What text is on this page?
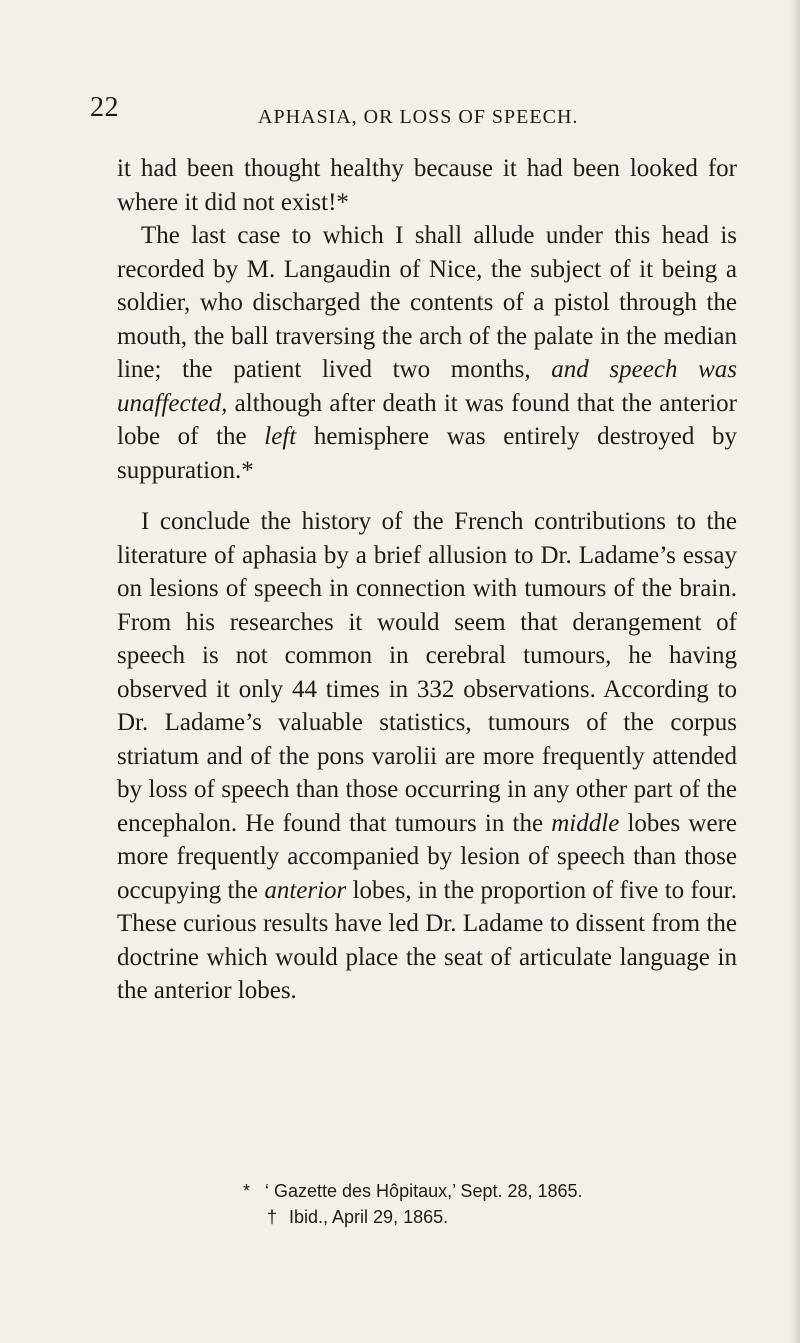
22	APHASIA, OR LOSS OF SPEECH.

it had been thought healthy because it had been looked for where it did not exist!*

The last case to which I shall allude under this head is recorded by M. Langaudin of Nice, the subject of it being a soldier, who discharged the contents of a pistol through the mouth, the ball traversing the arch of the palate in the median line; the patient lived two months, and speech was unaffected, although after death it was found that the anterior lobe of the left hemisphere was entirely destroyed by suppuration.*

I conclude the history of the French contributions to the literature of aphasia by a brief allusion to Dr. Ladame’s essay on lesions of speech in connection with tumours of the brain. From his researches it would seem that derangement of speech is not common in cerebral tumours, he having observed it only 44 times in 332 observations. According to Dr. Ladame’s valuable statistics, tumours of the corpus striatum and of the pons varolii are more frequently attended by loss of speech than those occurring in any other part of the encephalon. He found that tumours in the middle lobes were more frequently accompanied by lesion of speech than those occupying the anterior lobes, in the proportion of five to four. These curious results have led Dr. Ladame to dissent from the doctrine which would place the seat of articulate language in the anterior lobes.

* ‘ Gazette des Hôpitaux,’ Sept. 28, 1865.
† Ibid., April 29, 1865.
